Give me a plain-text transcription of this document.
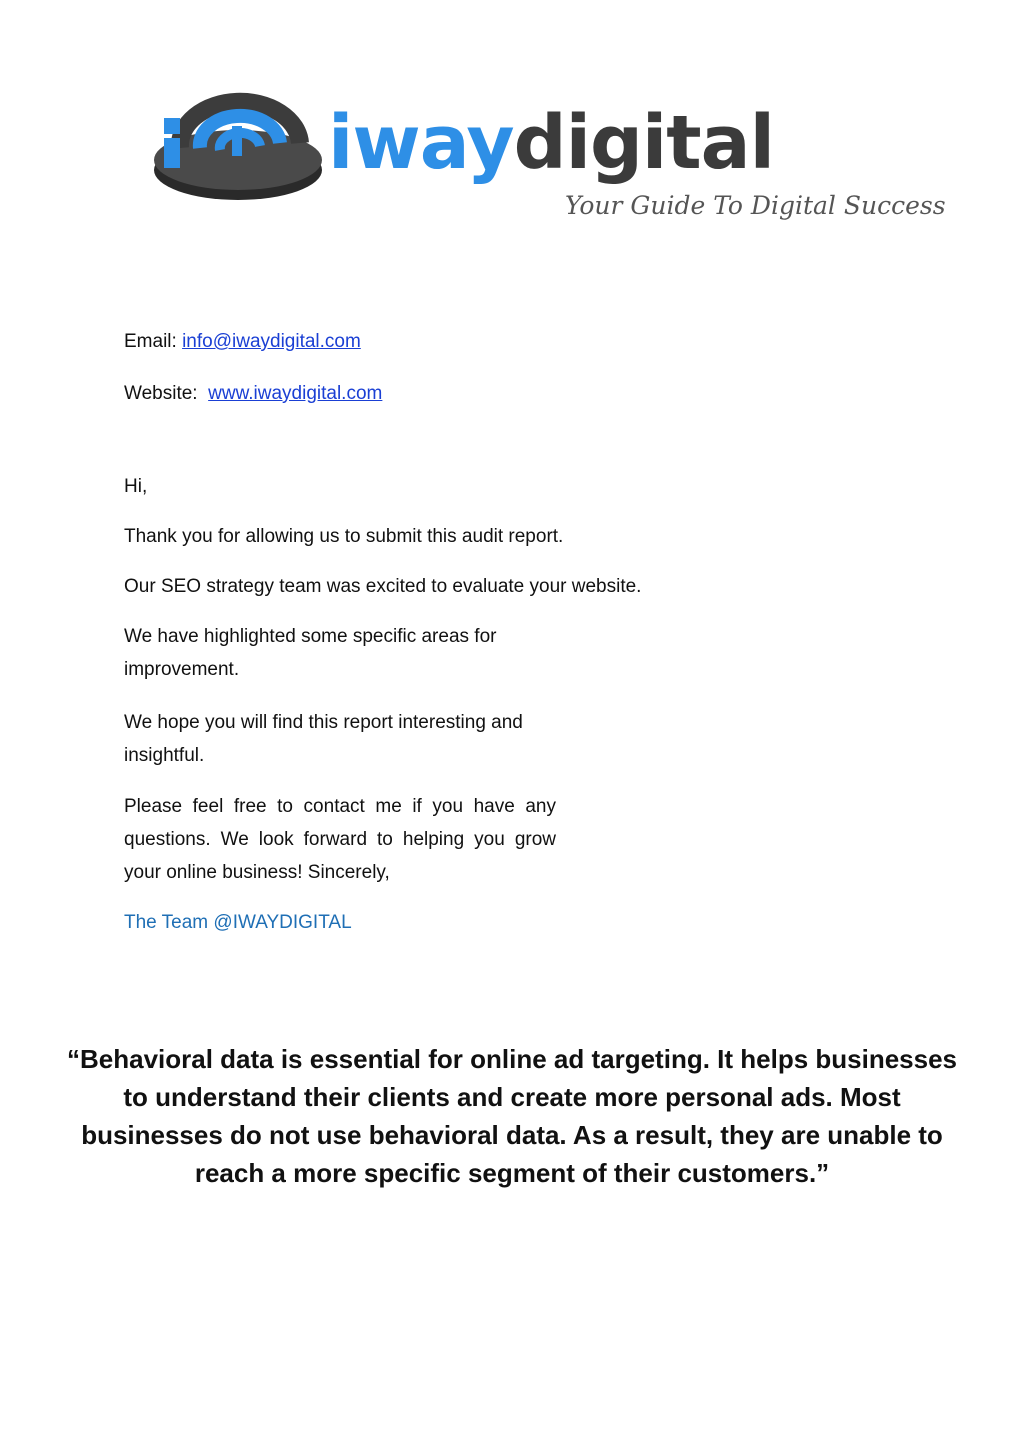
iwaydigital
Your Guide To Digital Success
Email: info@iwaydigital.com
Website: www.iwaydigital.com

Hi,

Thank you for allowing us to submit this audit report.

Our SEO strategy team was excited to evaluate your website.

We have highlighted some specific areas for improvement.

We hope you will find this report interesting and insightful.

Please feel free to contact me if you have any questions. We look forward to helping you grow your online business! Sincerely,

The Team @IWAYDIGITAL

“Behavioral data is essential for online ad targeting. It helps businesses to understand their clients and create more personal ads. Most businesses do not use behavioral data. As a result, they are unable to reach a more specific segment of their customers.”
